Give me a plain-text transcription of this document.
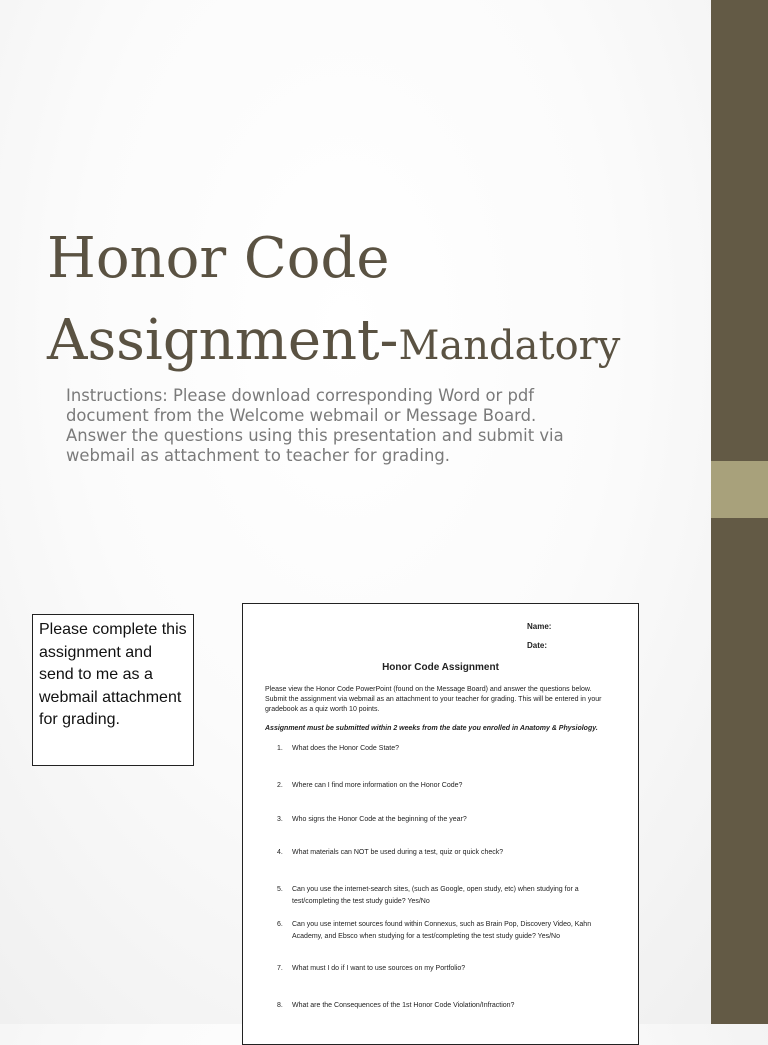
Honor Code
Assignment-Mandatory
Instructions: Please download corresponding Word or pdf document from the Welcome webmail or Message Board. Answer the questions using this presentation and submit via webmail as attachment to teacher for grading.
Please complete this assignment and send to me as a webmail attachment for grading.
Name:
Date:
Honor Code Assignment
Please view the Honor Code PowerPoint (found on the Message Board) and answer the questions below. Submit the assignment via webmail as an attachment to your teacher for grading. This will be entered in your gradebook as a quiz worth 10 points.
Assignment must be submitted within 2 weeks from the date you enrolled in Anatomy & Physiology.
1.	What does the Honor Code State?
2.	Where can I find more information on the Honor Code?
3.	Who signs the Honor Code at the beginning of the year?
4.	What materials can NOT be used during a test, quiz or quick check?
5.	Can you use the internet-search sites, (such as Google, open study, etc) when studying for a test/completing the test study guide? Yes/No
6.	Can you use internet sources found within Connexus, such as Brain Pop, Discovery Video, Kahn Academy, and Ebsco when studying for a test/completing the test study guide? Yes/No
7.	What must I do if I want to use sources on my Portfolio?
8.	What are the Consequences of the 1st Honor Code Violation/Infraction?
